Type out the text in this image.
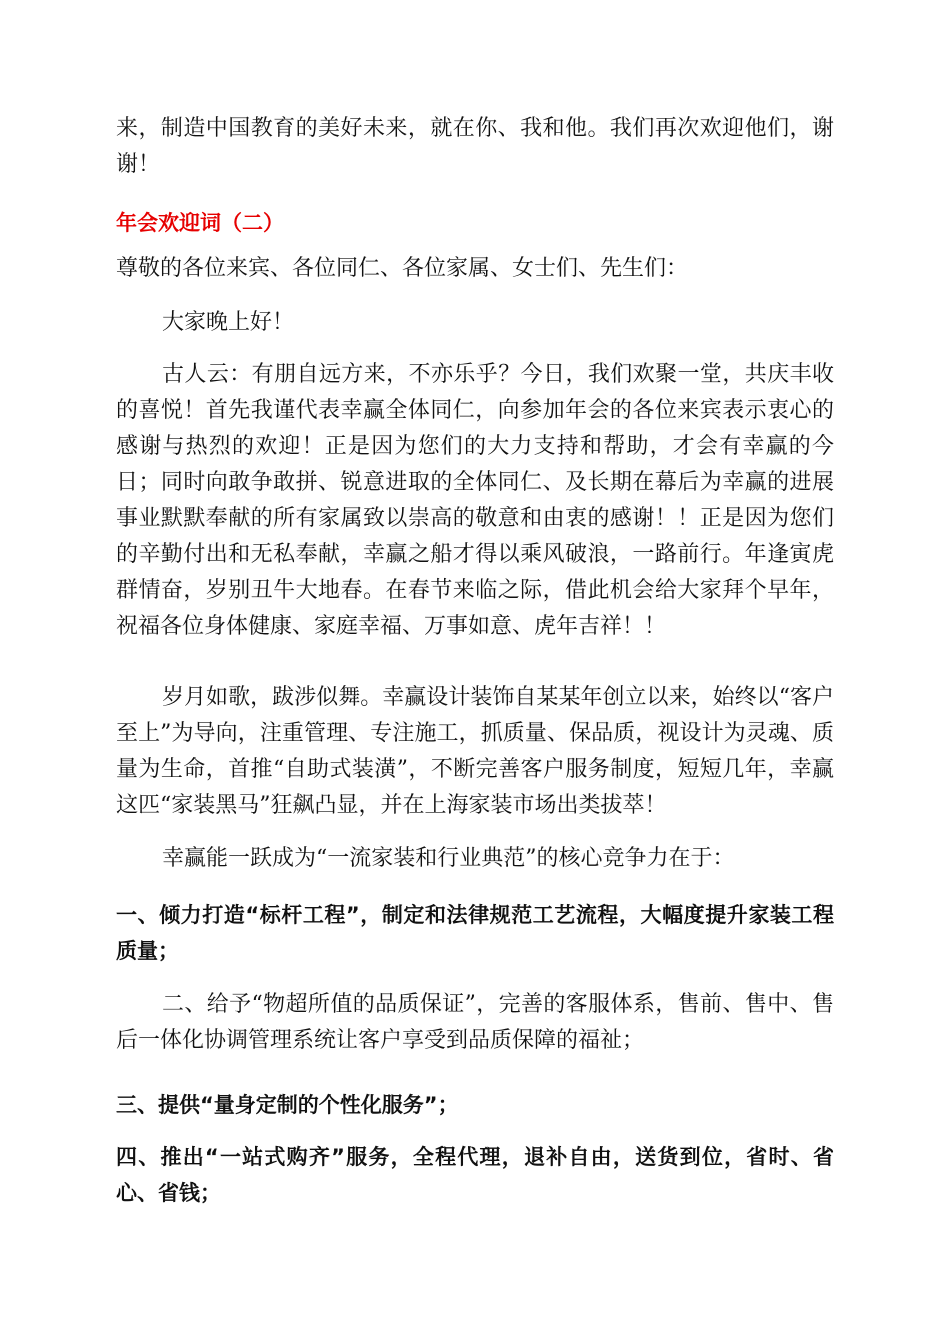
来，制造中国教育的美好未来，就在你、我和他。我们再次欢迎他们，谢谢！

年会欢迎词（二）

尊敬的各位来宾、各位同仁、各位家属、女士们、先生们：

大家晚上好！

古人云：有朋自远方来，不亦乐乎？今日，我们欢聚一堂，共庆丰收的喜悦！首先我谨代表幸赢全体同仁，向参加年会的各位来宾表示衷心的感谢与热烈的欢迎！正是因为您们的大力支持和帮助，才会有幸赢的今日；同时向敢争敢拼、锐意进取的全体同仁、及长期在幕后为幸赢的进展事业默默奉献的所有家属致以崇高的敬意和由衷的感谢！！正是因为您们的辛勤付出和无私奉献，幸赢之船才得以乘风破浪，一路前行。年逢寅虎群情奋，岁别丑牛大地春。在春节来临之际，借此机会给大家拜个早年，祝福各位身体健康、家庭幸福、万事如意、虎年吉祥！！

岁月如歌，跋涉似舞。幸赢设计装饰自某某年创立以来，始终以“客户至上”为导向，注重管理、专注施工，抓质量、保品质，视设计为灵魂、质量为生命，首推“自助式装潢”，不断完善客户服务制度，短短几年，幸赢这匹“家装黑马”狂飙凸显，并在上海家装市场出类拔萃！

幸赢能一跃成为“一流家装和行业典范”的核心竞争力在于：

一、倾力打造“标杆工程”，制定和法律规范工艺流程，大幅度提升家装工程质量；

二、给予“物超所值的品质保证”，完善的客服体系，售前、售中、售后一体化协调管理系统让客户享受到品质保障的福祉；

三、提供“量身定制的个性化服务”；

四、推出“一站式购齐”服务，全程代理，退补自由，送货到位，省时、省心、省钱；
